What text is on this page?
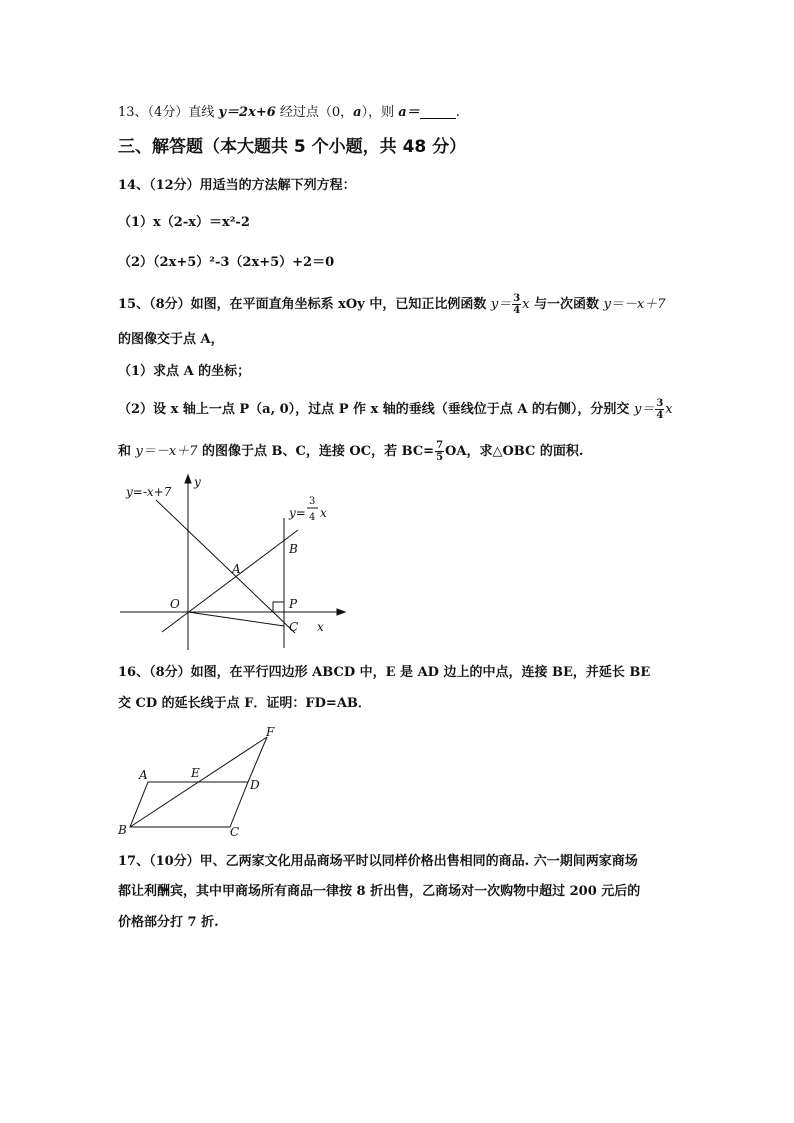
13、（4分）直线 y＝2x+6 经过点（0，a），则 a＝	.
三、解答题（本大题共 5 个小题，共 48 分）
14、（12分）用适当的方法解下列方程：
（1）x（2-x）＝x²-2
（2）（2x+5）²-3（2x+5）+2＝0
15、（8分）如图，在平面直角坐标系 xOy 中，已知正比例函数 $y= \frac{3}{4}$ x 与一次函数 y＝－x＋7
的图像交于点 A，
（1）求点 A 的坐标；
（2）设 x 轴上一点 P（a, 0），过点 P 作 x 轴的垂线（垂线位于点 A 的右侧），分别交 $y= \frac{3}{4}$ x
和 y＝－x＋7 的图像于点 B、C，连接 OC，若 $BC= \frac{7}{5}$ OA，求△OBC 的面积.
y=-x+7
y
y=
3
4 x
B
A
O	P
C x
F
A	E
D
B	C
16、（8分）如图，在平行四边形 ABCD 中，E 是 AD 边上的中点，连接 BE，并延长 BE
交 CD 的延长线于点 F．证明：FD=AB．
17、（10分）甲、乙两家文化用品商场平时以同样价格出售相同的商品. 六一期间两家商场
都让利酬宾，其中甲商场所有商品一律按 8 折出售，乙商场对一次购物中超过 200 元后的
价格部分打 7 折.
